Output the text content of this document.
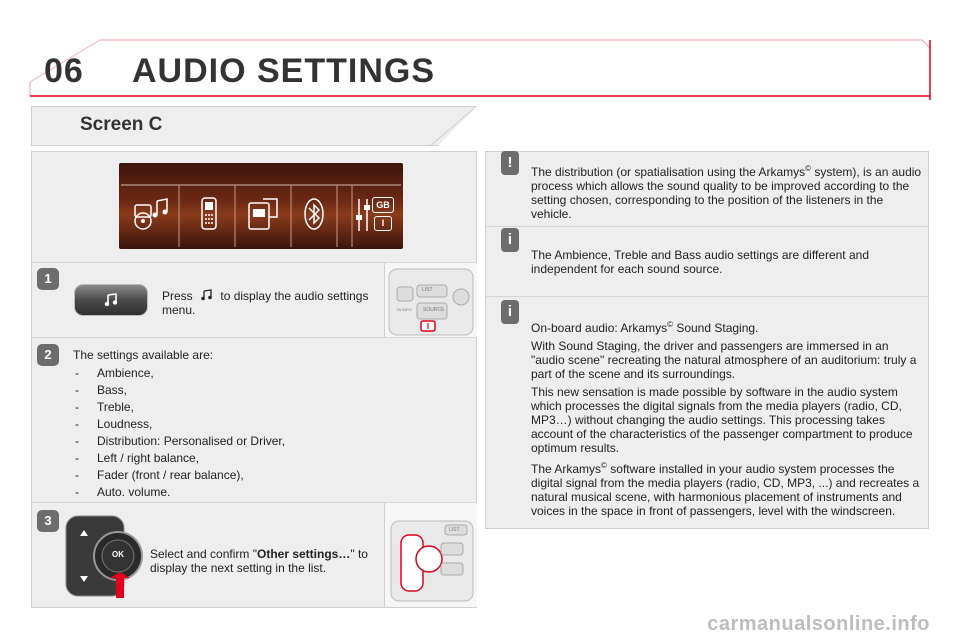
06 AUDIO SETTINGS
Screen C
GB
I
1
Press to display the audio settings menu.
LIST
SOURCE
TA INFO
2	The settings available are:
- Ambience,
- Bass,
- Treble,
- Loudness,
- Distribution: Personalised or Driver,
- Left / right balance,
- Fader (front / rear balance),
- Auto. volume.
3
OK	Select and confirm "Other settings…" to display the next setting in the list.
LIST
!

The distribution (or spatialisation using the Arkamys© system), is an audio process which allows the sound quality to be improved according to the setting chosen, corresponding to the position of the listeners in the vehicle.

i

The Ambience, Treble and Bass audio settings are different and independent for each sound source.

i

On-board audio: Arkamys© Sound Staging.

With Sound Staging, the driver and passengers are immersed in an "audio scene" recreating the natural atmosphere of an auditorium: truly a part of the scene and its surroundings.

This new sensation is made possible by software in the audio system which processes the digital signals from the media players (radio, CD, MP3…) without changing the audio settings. This processing takes account of the characteristics of the passenger compartment to produce optimum results.

The Arkamys© software installed in your audio system processes the digital signal from the media players (radio, CD, MP3, ...) and recreates a natural musical scene, with harmonious placement of instruments and voices in the space in front of passengers, level with the windscreen.

carmanualsonline.info
